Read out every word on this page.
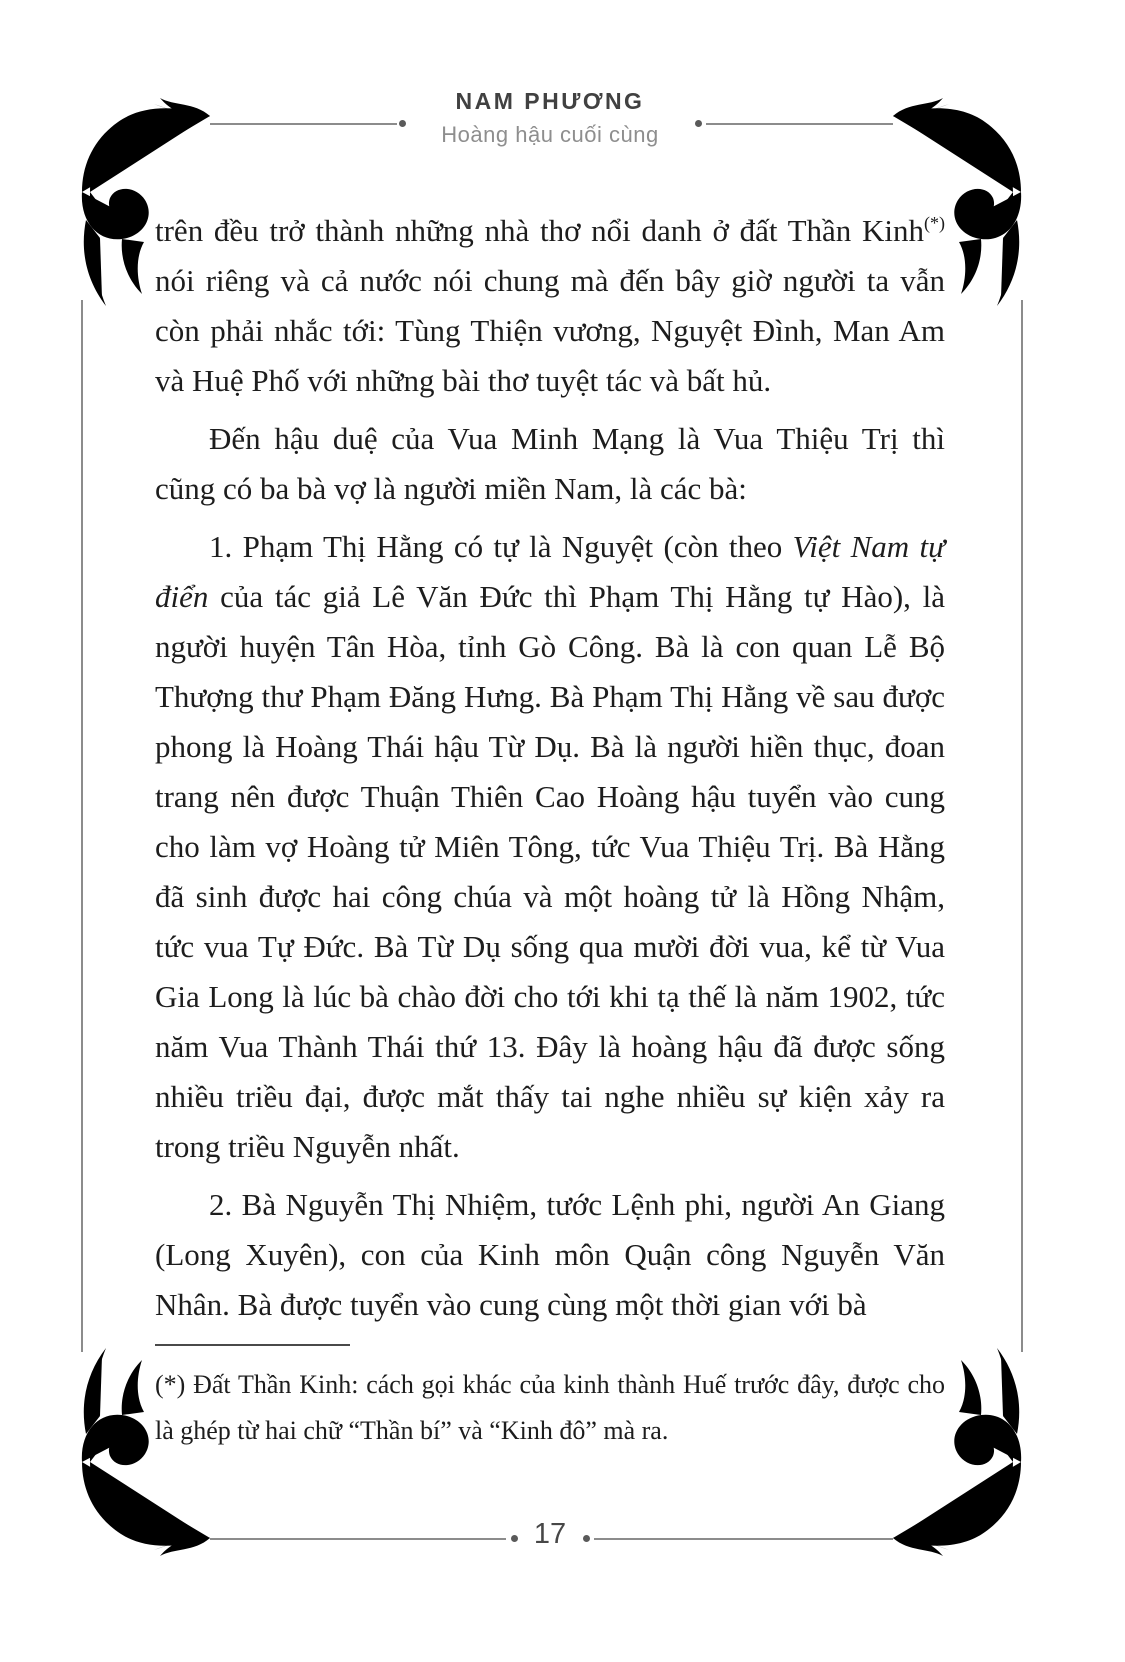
NAM PHƯƠNG
Hoàng hậu cuối cùng

trên đều trở thành những nhà thơ nổi danh ở đất Thần Kinh(*) nói riêng và cả nước nói chung mà đến bây giờ người ta vẫn còn phải nhắc tới: Tùng Thiện vương, Nguyệt Đình, Man Am và Huệ Phố với những bài thơ tuyệt tác và bất hủ.

Đến hậu duệ của Vua Minh Mạng là Vua Thiệu Trị thì cũng có ba bà vợ là người miền Nam, là các bà:

1. Phạm Thị Hằng có tự là Nguyệt (còn theo Việt Nam tự điển của tác giả Lê Văn Đức thì Phạm Thị Hằng tự Hào), là người huyện Tân Hòa, tỉnh Gò Công. Bà là con quan Lễ Bộ Thượng thư Phạm Đăng Hưng. Bà Phạm Thị Hằng về sau được phong là Hoàng Thái hậu Từ Dụ. Bà là người hiền thục, đoan trang nên được Thuận Thiên Cao Hoàng hậu tuyển vào cung cho làm vợ Hoàng tử Miên Tông, tức Vua Thiệu Trị. Bà Hằng đã sinh được hai công chúa và một hoàng tử là Hồng Nhậm, tức vua Tự Đức. Bà Từ Dụ sống qua mười đời vua, kể từ Vua Gia Long là lúc bà chào đời cho tới khi tạ thế là năm 1902, tức năm Vua Thành Thái thứ 13. Đây là hoàng hậu đã được sống nhiều triều đại, được mắt thấy tai nghe nhiều sự kiện xảy ra trong triều Nguyễn nhất.

2. Bà Nguyễn Thị Nhiệm, tước Lệnh phi, người An Giang (Long Xuyên), con của Kinh môn Quận công Nguyễn Văn Nhân. Bà được tuyển vào cung cùng một thời gian với bà

(*) Đất Thần Kinh: cách gọi khác của kinh thành Huế trước đây, được cho là ghép từ hai chữ “Thần bí” và “Kinh đô” mà ra.
17
